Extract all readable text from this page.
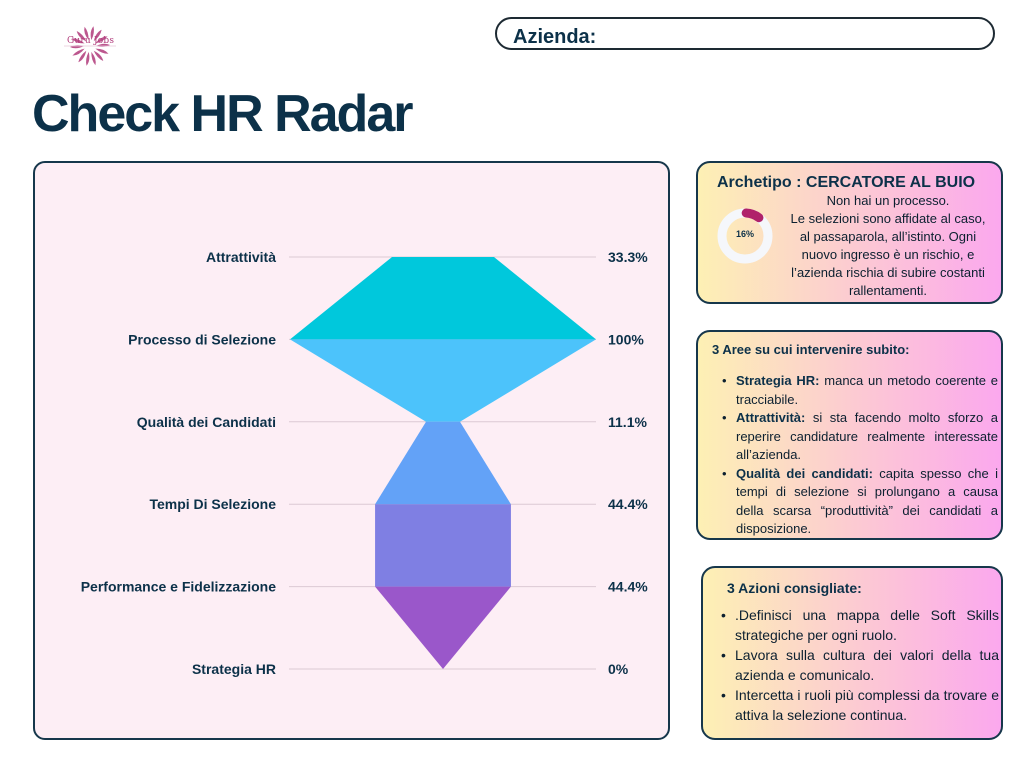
Guru Jobs	Azienda:
Check HR Radar
Attrattività	33.3%
Processo di Selezione	100%
Qualità dei Candidati	11.1%
Tempi Di Selezione	44.4%
Performance e Fidelizzazione	44.4%
Strategia HR	0%
Archetipo : CERCATORE AL BUIO
16%
Non hai un processo.
Le selezioni sono affidate al caso,
al passaparola, all’istinto. Ogni
nuovo ingresso è un rischio, e
l’azienda rischia di subire costanti
rallentamenti.
3 Aree su cui intervenire subito:
• Strategia HR: manca un metodo coerente e tracciabile.
• Attrattività: si sta facendo molto sforzo a reperire candidature realmente interessate all’azienda.
• Qualità dei candidati: capita spesso che i tempi di selezione si prolungano a causa della scarsa “produttività” dei candidati a disposizione.
3 Azioni consigliate:
• .Definisci una mappa delle Soft Skills strategiche per ogni ruolo.
• Lavora sulla cultura dei valori della tua azienda e comunicalo.
• Intercetta i ruoli più complessi da trovare e attiva la selezione continua.
